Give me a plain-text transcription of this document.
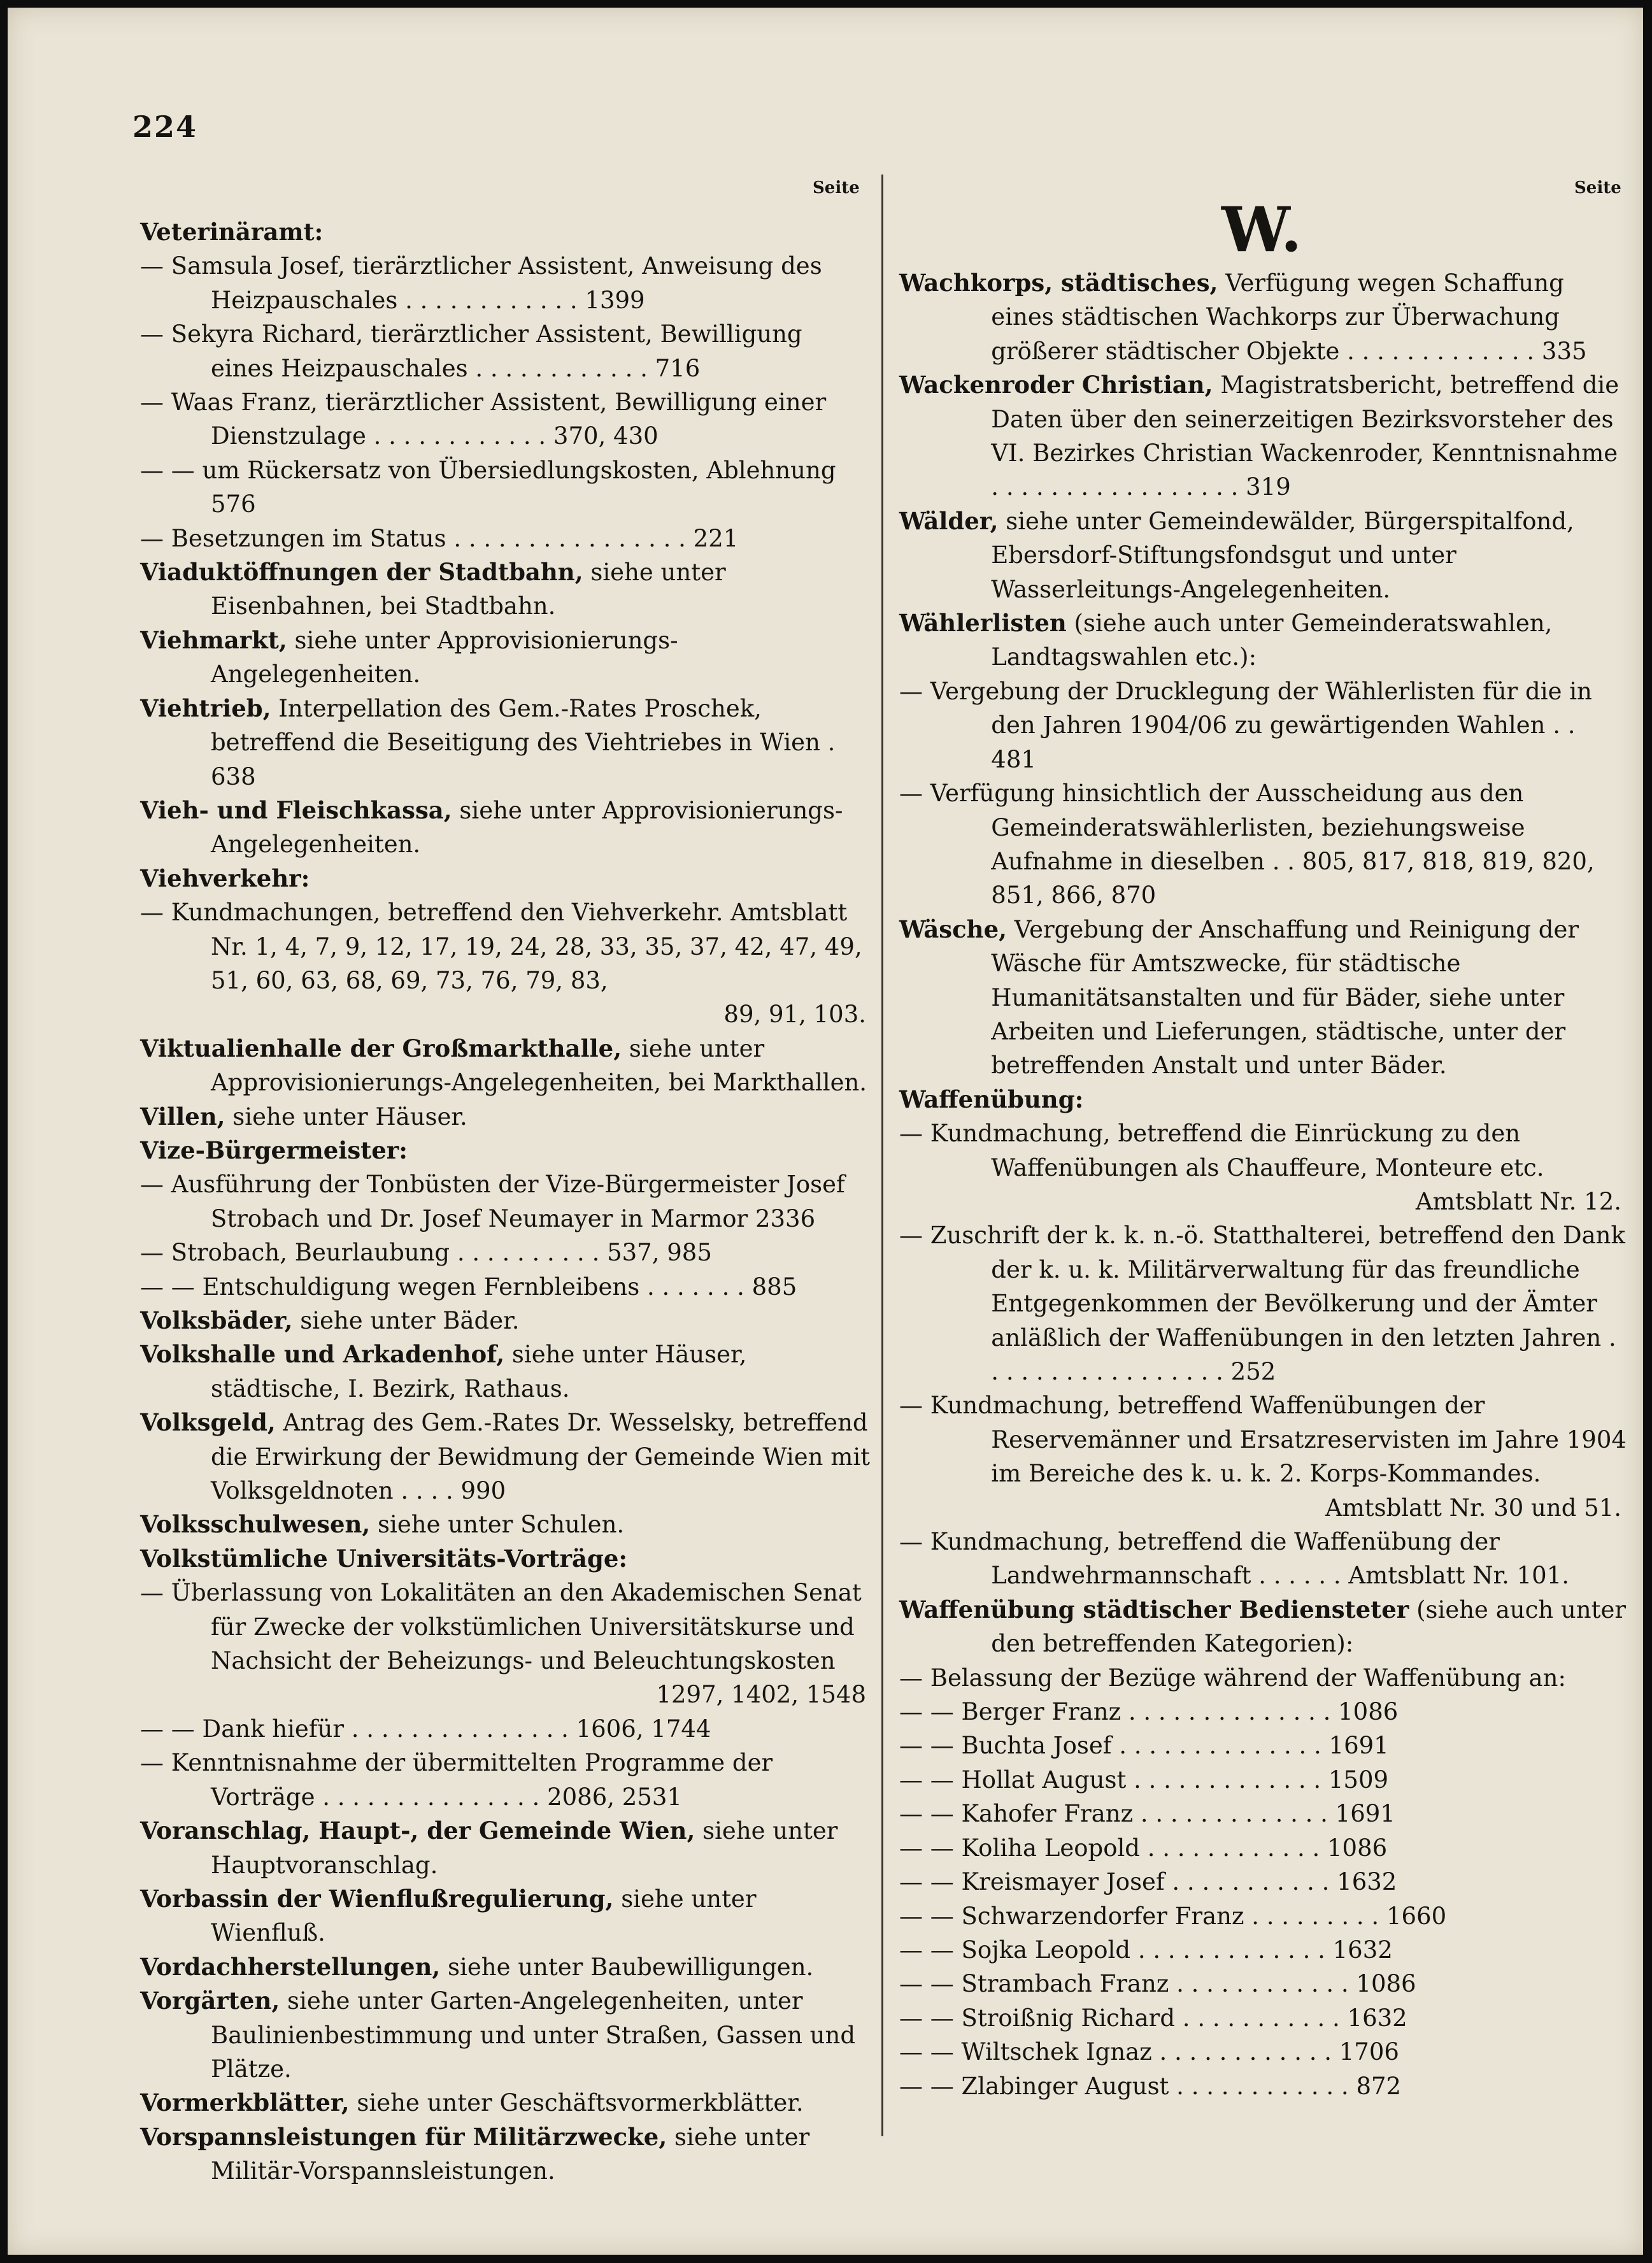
224
Seite	Seite
W.
Veterinäramt:
— Samsula Josef, tierärztlicher Assistent, Anweisung des Heizpauschales . . . . . . . . . . . . 1399
— Sekyra Richard, tierärztlicher Assistent, Bewilligung eines Heizpauschales . . . . . . . . . . . . 716
— Waas Franz, tierärztlicher Assistent, Bewilligung einer Dienstzulage . . . . . . . . . . . . 370, 430
— — um Rückersatz von Übersiedlungskosten, Ablehnung 576
— Besetzungen im Status . . . . . . . . . . . . . . . . 221
Viaduktöffnungen der Stadtbahn, siehe unter Eisenbahnen, bei Stadtbahn.
Viehmarkt, siehe unter Approvisionierungs-Angelegenheiten.
Viehtrieb, Interpellation des Gem.-Rates Proschek, betreffend die Beseitigung des Viehtriebes in Wien . 638
Vieh- und Fleischkassa, siehe unter Approvisionierungs-Angelegenheiten.
Viehverkehr:
— Kundmachungen, betreffend den Viehverkehr. Amtsblatt Nr. 1, 4, 7, 9, 12, 17, 19, 24, 28, 33, 35, 37, 42, 47, 49, 51, 60, 63, 68, 69, 73, 76, 79, 83,
89, 91, 103.
Viktualienhalle der Großmarkthalle, siehe unter Approvisionierungs-Angelegenheiten, bei Markthallen.
Villen, siehe unter Häuser.
Vize-Bürgermeister:
— Ausführung der Tonbüsten der Vize-Bürgermeister Josef Strobach und Dr. Josef Neumayer in Marmor 2336
— Strobach, Beurlaubung . . . . . . . . . . 537, 985
— — Entschuldigung wegen Fernbleibens . . . . . . . 885
Volksbäder, siehe unter Bäder.
Volkshalle und Arkadenhof, siehe unter Häuser, städtische, I. Bezirk, Rathaus.
Volksgeld, Antrag des Gem.-Rates Dr. Wesselsky, betreffend die Erwirkung der Bewidmung der Gemeinde Wien mit Volksgeldnoten . . . . 990
Volksschulwesen, siehe unter Schulen.
Volkstümliche Universitäts-Vorträge:
— Überlassung von Lokalitäten an den Akademischen Senat für Zwecke der volkstümlichen Universitätskurse und Nachsicht der Beheizungs- und Beleuchtungskosten
1297, 1402, 1548
— — Dank hiefür . . . . . . . . . . . . . . . 1606, 1744
— Kenntnisnahme der übermittelten Programme der Vorträge . . . . . . . . . . . . . . . 2086, 2531
Voranschlag, Haupt-, der Gemeinde Wien, siehe unter Hauptvoranschlag.
Vorbassin der Wienflußregulierung, siehe unter Wienfluß.
Vordachherstellungen, siehe unter Baubewilligungen.
Vorgärten, siehe unter Garten-Angelegenheiten, unter Baulinienbestimmung und unter Straßen, Gassen und Plätze.
Vormerkblätter, siehe unter Geschäftsvormerkblätter.
Vorspannsleistungen für Militärzwecke, siehe unter Militär-Vorspannsleistungen.
Wachkorps, städtisches, Verfügung wegen Schaffung eines städtischen Wachkorps zur Überwachung größerer städtischer Objekte . . . . . . . . . . . . . 335
Wackenroder Christian, Magistratsbericht, betreffend die Daten über den seinerzeitigen Bezirksvorsteher des VI. Bezirkes Christian Wackenroder, Kenntnisnahme . . . . . . . . . . . . . . . . . 319
Wälder, siehe unter Gemeindewälder, Bürgerspitalfond, Ebersdorf-Stiftungsfondsgut und unter Wasserleitungs-Angelegenheiten.
Wählerlisten (siehe auch unter Gemeinderatswahlen, Landtagswahlen etc.):
— Vergebung der Drucklegung der Wählerlisten für die in den Jahren 1904/06 zu gewärtigenden Wahlen . . 481
— Verfügung hinsichtlich der Ausscheidung aus den Gemeinderatswählerlisten, beziehungsweise Aufnahme in dieselben . . 805, 817, 818, 819, 820, 851, 866, 870
Wäsche, Vergebung der Anschaffung und Reinigung der Wäsche für Amtszwecke, für städtische Humanitätsanstalten und für Bäder, siehe unter Arbeiten und Lieferungen, städtische, unter der betreffenden Anstalt und unter Bäder.
Waffenübung:
— Kundmachung, betreffend die Einrückung zu den Waffenübungen als Chauffeure, Monteure etc.
Amtsblatt Nr. 12.
— Zuschrift der k. k. n.-ö. Statthalterei, betreffend den Dank der k. u. k. Militärverwaltung für das freundliche Entgegenkommen der Bevölkerung und der Ämter anläßlich der Waffenübungen in den letzten Jahren . . . . . . . . . . . . . . . . . 252
— Kundmachung, betreffend Waffenübungen der Reservemänner und Ersatzreservisten im Jahre 1904 im Bereiche des k. u. k. 2. Korps-Kommandes.
Amtsblatt Nr. 30 und 51.
— Kundmachung, betreffend die Waffenübung der Landwehrmannschaft . . . . . . Amtsblatt Nr. 101.
Waffenübung städtischer Bediensteter (siehe auch unter den betreffenden Kategorien):
— Belassung der Bezüge während der Waffenübung an:
— — Berger Franz . . . . . . . . . . . . . . 1086
— — Buchta Josef . . . . . . . . . . . . . . 1691
— — Hollat August . . . . . . . . . . . . . 1509
— — Kahofer Franz . . . . . . . . . . . . . 1691
— — Koliha Leopold . . . . . . . . . . . . 1086
— — Kreismayer Josef . . . . . . . . . . . 1632
— — Schwarzendorfer Franz . . . . . . . . . 1660
— — Sojka Leopold . . . . . . . . . . . . . 1632
— — Strambach Franz . . . . . . . . . . . . 1086
— — Stroißnig Richard . . . . . . . . . . . 1632
— — Wiltschek Ignaz . . . . . . . . . . . . 1706
— — Zlabinger August . . . . . . . . . . . . 872
